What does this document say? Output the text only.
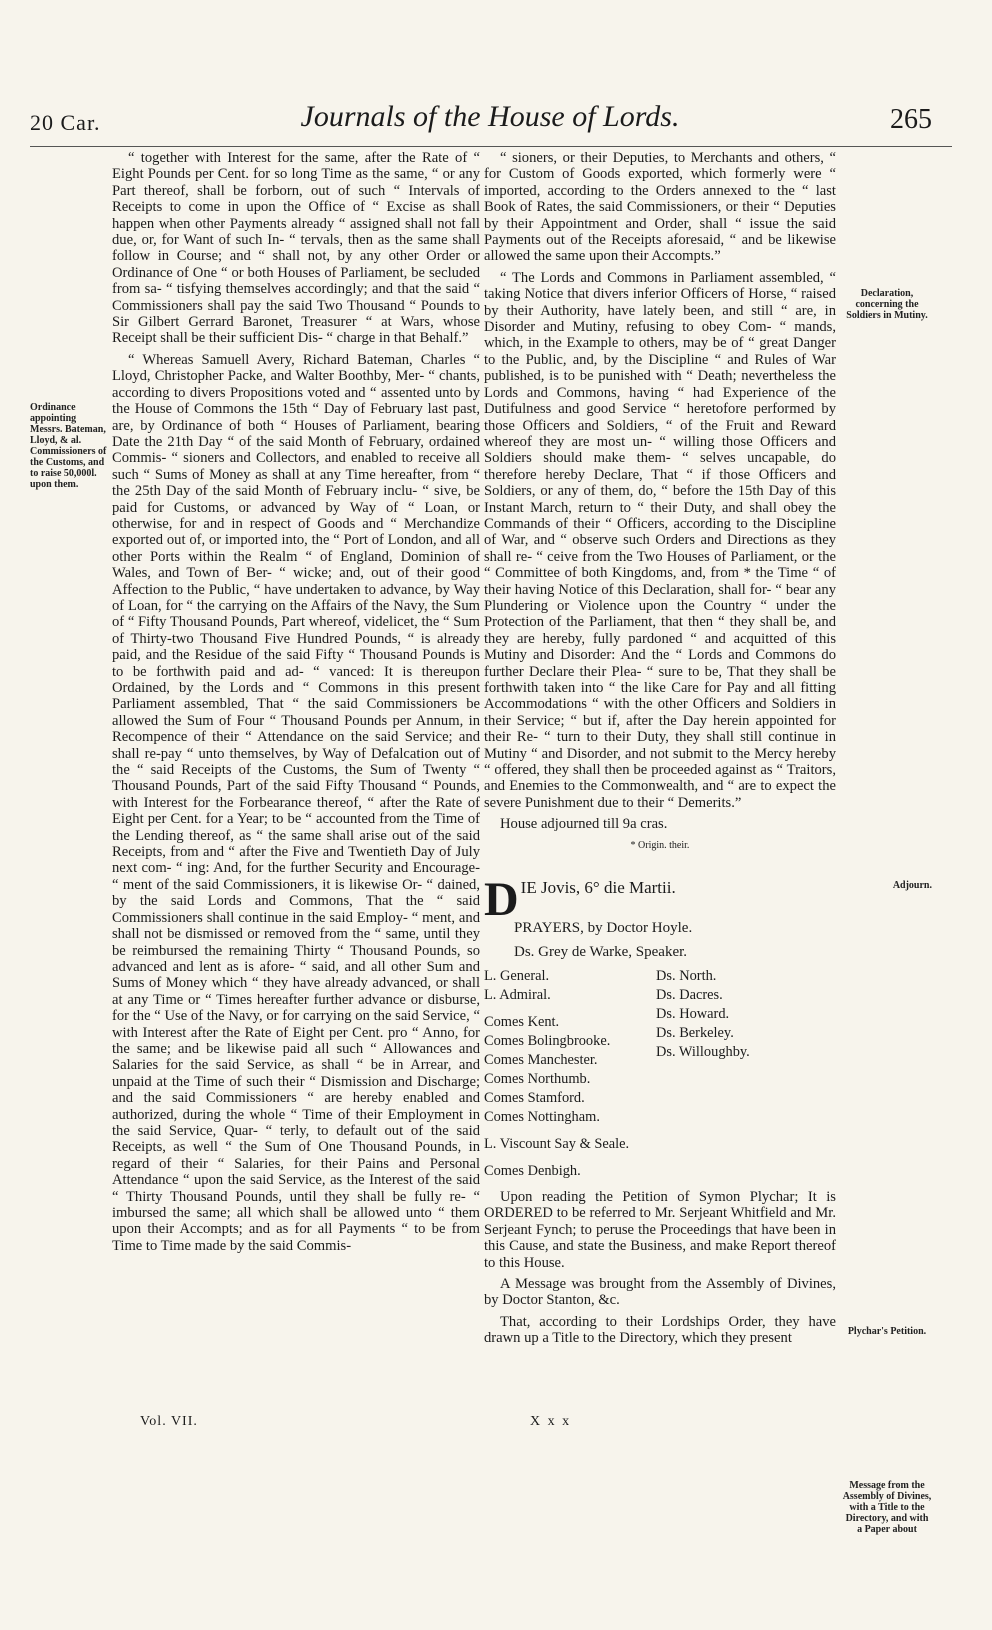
20 Car.	Journals of the House of Lords.	265
Ordinance appointing Messrs. Bateman, Lloyd, & al. Commissioners of the Customs, and to raise 50,000l. upon them.

“ together with Interest for the same, after the Rate of “ Eight Pounds per Cent. for so long Time as the same, “ or any Part thereof, shall be forborn, out of such “ Intervals of Receipts to come in upon the Office of “ Excise as shall happen when other Payments already “ assigned shall not fall due, or, for Want of such In- “ tervals, then as the same shall follow in Course; and “ shall not, by any other Order or Ordinance of One “ or both Houses of Parliament, be secluded from sa- “ tisfying themselves accordingly; and that the said “ Commissioners shall pay the said Two Thousand “ Pounds to Sir Gilbert Gerrard Baronet, Treasurer “ at Wars, whose Receipt shall be their sufficient Dis- “ charge in that Behalf.”

“ Whereas Samuell Avery, Richard Bateman, Charles “ Lloyd, Christopher Packe, and Walter Boothby, Mer- “ chants, according to divers Propositions voted and “ assented unto by the House of Commons the 15th “ Day of February last past, are, by Ordinance of both “ Houses of Parliament, bearing Date the 21th Day “ of the said Month of February, ordained Commis- “ sioners and Collectors, and enabled to receive all such “ Sums of Money as shall at any Time hereafter, from “ the 25th Day of the said Month of February inclu- “ sive, be paid for Customs, or advanced by Way of “ Loan, or otherwise, for and in respect of Goods and “ Merchandize exported out of, or imported into, the “ Port of London, and all other Ports within the Realm “ of England, Dominion of Wales, and Town of Ber- “ wicke; and, out of their good Affection to the Public, “ have undertaken to advance, by Way of Loan, for “ the carrying on the Affairs of the Navy, the Sum of “ Fifty Thousand Pounds, Part whereof, videlicet, the “ Sum of Thirty-two Thousand Five Hundred Pounds, “ is already paid, and the Residue of the said Fifty “ Thousand Pounds is to be forthwith paid and ad- “ vanced: It is thereupon Ordained, by the Lords and “ Commons in this present Parliament assembled, That “ the said Commissioners be allowed the Sum of Four “ Thousand Pounds per Annum, in Recompence of their “ Attendance on the said Service; and shall re-pay “ unto themselves, by Way of Defalcation out of the “ said Receipts of the Customs, the Sum of Twenty “ Thousand Pounds, Part of the said Fifty Thousand “ Pounds, with Interest for the Forbearance thereof, “ after the Rate of Eight per Cent. for a Year; to be “ accounted from the Time of the Lending thereof, as “ the same shall arise out of the said Receipts, from and “ after the Five and Twentieth Day of July next com- “ ing: And, for the further Security and Encourage- “ ment of the said Commissioners, it is likewise Or- “ dained, by the said Lords and Commons, That the “ said Commissioners shall continue in the said Employ- “ ment, and shall not be dismissed or removed from the “ same, until they be reimbursed the remaining Thirty “ Thousand Pounds, so advanced and lent as is afore- “ said, and all other Sum and Sums of Money which “ they have already advanced, or shall at any Time or “ Times hereafter further advance or disburse, for the “ Use of the Navy, or for carrying on the said Service, “ with Interest after the Rate of Eight per Cent. pro “ Anno, for the same; and be likewise paid all such “ Allowances and Salaries for the said Service, as shall “ be in Arrear, and unpaid at the Time of such their “ Dismission and Discharge; and the said Commissioners “ are hereby enabled and authorized, during the whole “ Time of their Employment in the said Service, Quar- “ terly, to default out of the said Receipts, as well “ the Sum of One Thousand Pounds, in regard of their “ Salaries, for their Pains and Personal Attendance “ upon the said Service, as the Interest of the said “ Thirty Thousand Pounds, until they shall be fully re- “ imbursed the same; all which shall be allowed unto “ them upon their Accompts; and as for all Payments “ to be from Time to Time made by the said Commis-

“ sioners, or their Deputies, to Merchants and others, “ for Custom of Goods exported, which formerly were “ imported, according to the Orders annexed to the “ last Book of Rates, the said Commissioners, or their “ Deputies by their Appointment and Order, shall “ issue the said Payments out of the Receipts aforesaid, “ and be likewise allowed the same upon their Accompts.”

“ The Lords and Commons in Parliament assembled, “ taking Notice that divers inferior Officers of Horse, “ raised by their Authority, have lately been, and still “ are, in Disorder and Mutiny, refusing to obey Com- “ mands, which, in the Example to others, may be of “ great Danger to the Public, and, by the Discipline “ and Rules of War published, is to be punished with “ Death; nevertheless the Lords and Commons, having “ had Experience of the Dutifulness and good Service “ heretofore performed by those Officers and Soldiers, “ of the Fruit and Reward whereof they are most un- “ willing those Officers and Soldiers should make them- “ selves uncapable, do therefore hereby Declare, That “ if those Officers and Soldiers, or any of them, do, “ before the 15th Day of this Instant March, return to “ their Duty, and shall obey the Commands of their “ Officers, according to the Discipline of War, and “ observe such Orders and Directions as they shall re- “ ceive from the Two Houses of Parliament, or the “ Committee of both Kingdoms, and, from * the Time “ of their having Notice of this Declaration, shall for- “ bear any Plundering or Violence upon the Country “ under the Protection of the Parliament, that then “ they shall be, and they are hereby, fully pardoned “ and acquitted of this Mutiny and Disorder: And the “ Lords and Commons do further Declare their Plea- “ sure to be, That they shall be forthwith taken into “ the like Care for Pay and all fitting Accommodations “ with the other Officers and Soldiers in their Service; “ but if, after the Day herein appointed for their Re- “ turn to their Duty, they shall still continue in Mutiny “ and Disorder, and not submit to the Mercy hereby “ offered, they shall then be proceeded against as “ Traitors, and Enemies to the Commonwealth, and “ are to expect the severe Punishment due to their “ Demerits.”

House adjourned till 9a cras.

* Origin. their.
D IE Jovis, 6° die Martii.
PRAYERS, by Doctor Hoyle.
Ds. Grey de Warke, Speaker.
L. General.
L. Admiral.
Comes Kent.
Comes Bolingbrooke.
Comes Manchester.
Comes Northumb.
Comes Stamford.
Comes Nottingham.
L. Viscount Say & Seale.
Comes Denbigh.
Ds. North.
Ds. Dacres.
Ds. Howard.
Ds. Berkeley.
Ds. Willoughby.

Upon reading the Petition of Symon Plychar; It is ORDERED to be referred to Mr. Serjeant Whitfield and Mr. Serjeant Fynch; to peruse the Proceedings that have been in this Cause, and state the Business, and make Report thereof to this House.

A Message was brought from the Assembly of Divines, by Doctor Stanton, &c.

That, according to their Lordships Order, they have drawn up a Title to the Directory, which they present

Declaration, concerning the Soldiers in Mutiny.
Adjourn.
Plychar's Petition.
Message from the Assembly of Divines, with a Title to the Directory, and with a Paper about
Vol. VII.	X x x
